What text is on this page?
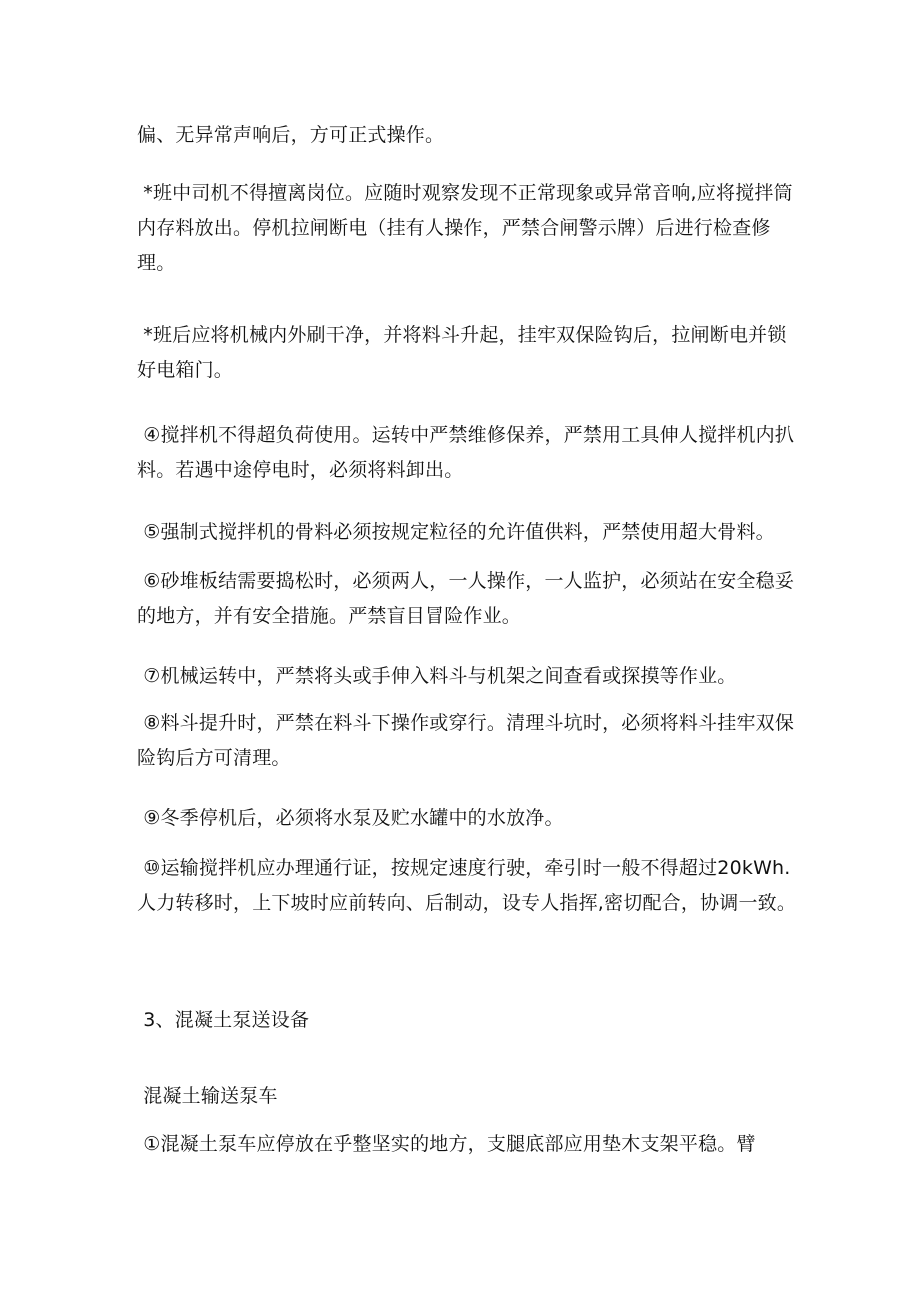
偏、无异常声响后，方可正式操作。

*班中司机不得擅离岗位。应随时观察发现不正常现象或异常音响,应将搅拌筒内存料放出。停机拉闸断电（挂有人操作，严禁合闸警示牌）后进行检查修理。

*班后应将机械内外刷干净，并将料斗升起，挂牢双保险钩后，拉闸断电并锁好电箱门。

④搅拌机不得超负荷使用。运转中严禁维修保养，严禁用工具伸人搅拌机内扒料。若遇中途停电时，必须将料卸出。

⑤强制式搅拌机的骨料必须按规定粒径的允许值供料，严禁使用超大骨料。

⑥砂堆板结需要捣松时，必须两人，一人操作，一人监护，必须站在安全稳妥的地方，并有安全措施。严禁盲目冒险作业。

⑦机械运转中，严禁将头或手伸入料斗与机架之间查看或探摸等作业。

⑧料斗提升时，严禁在料斗下操作或穿行。清理斗坑时，必须将料斗挂牢双保险钩后方可清理。

⑨冬季停机后，必须将水泵及贮水罐中的水放净。

⑩运输搅拌机应办理通行证，按规定速度行驶，牵引时一般不得超过20kWh.人力转移时，上下坡时应前转向、后制动，设专人指挥,密切配合，协调一致。

3、混凝土泵送设备

混凝土输送泵车

①混凝土泵车应停放在乎整坚实的地方，支腿底部应用垫木支架平稳。臂
